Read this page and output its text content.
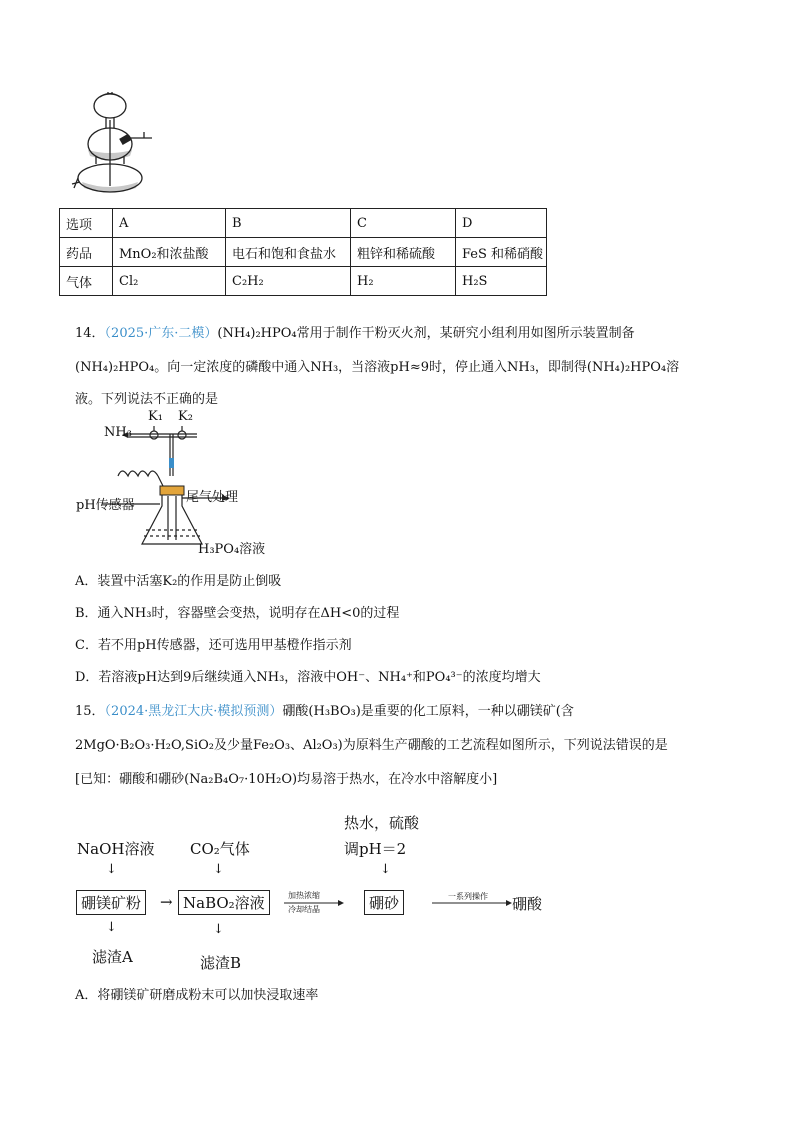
选项	A	B	C	D
药品	MnO₂和浓盐酸	电石和饱和食盐水	粗锌和稀硫酸	FeS 和稀硝酸
气体	Cl₂	C₂H₂	H₂	H₂S
14．（2025·广东·二模）(NH₄)₂HPO₄常用于制作干粉灭火剂，某研究小组利用如图所示装置制备
(NH₄)₂HPO₄。向一定浓度的磷酸中通入NH₃，当溶液pH≈9时，停止通入NH₃，即制得(NH₄)₂HPO₄溶
液。下列说法不正确的是
NH₃
K₁ K₂
pH传感器
尾气处理
H₃PO₄溶液
A．装置中活塞K₂的作用是防止倒吸
B．通入NH₃时，容器壁会变热，说明存在ΔH<0的过程
C．若不用pH传感器，还可选用甲基橙作指示剂
D．若溶液pH达到9后继续通入NH₃，溶液中OH⁻、NH₄⁺和PO₄³⁻的浓度均增大
15．（2024·黑龙江大庆·模拟预测）硼酸(H₃BO₃)是重要的化工原料，一种以硼镁矿(含
2MgO·B₂O₃·H₂O,SiO₂及少量Fe₂O₃、Al₂O₃)为原料生产硼酸的工艺流程如图所示，下列说法错误的是
[已知：硼酸和硼砂(Na₂B₄O₇·10H₂O)均易溶于热水，在冷水中溶解度小]
热水，硫酸
NaOH溶液 CO₂气体	调pH＝2
↓	↓	↓
硼镁矿粉	→ NaBO₂溶液	加热浓缩
冷却结晶	硼砂	一系列操作 硼酸
↓	↓
滤渣A	滤渣B
A．将硼镁矿研磨成粉末可以加快浸取速率
